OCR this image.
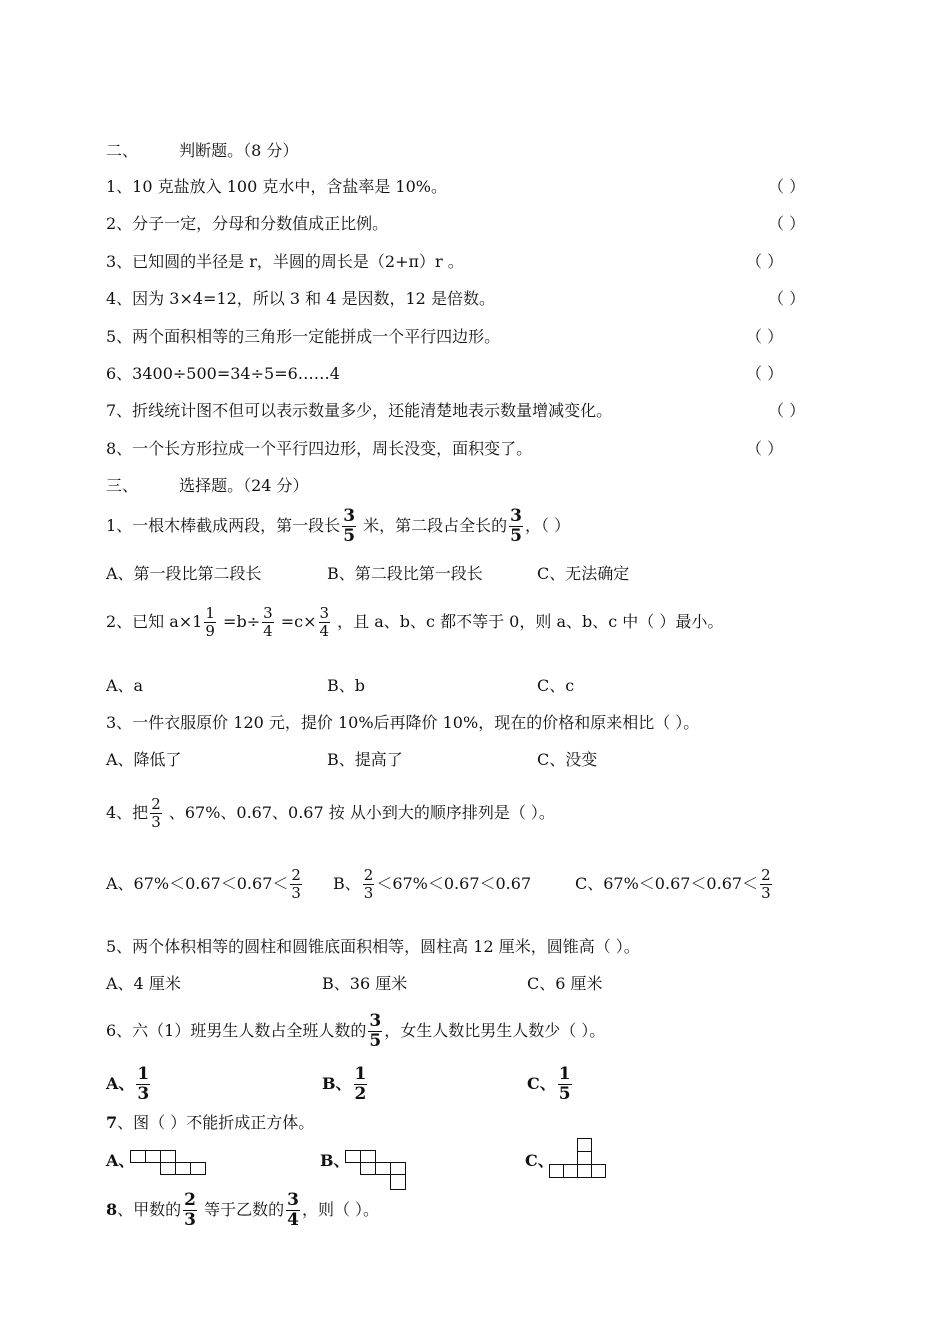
二、	判断题。（8 分）
1、10 克盐放入 100 克水中，含盐率是 10%。	（ ）
2、分子一定，分母和分数值成正比例。	（ ）
3、已知圆的半径是 r，半圆的周长是（2+π）r 。	（ ）
4、因为 3×4=12，所以 3 和 4 是因数，12 是倍数。	（ ）
5、两个面积相等的三角形一定能拼成一个平行四边形。	（ ）
6、3400÷500=34÷5=6……4	（ ）
7、折线统计图不但可以表示数量多少，还能清楚地表示数量增减变化。	（ ）
8、一个长方形拉成一个平行四边形，周长没变，面积变了。	（ ）
三、	选择题。（24 分）
1、一根木棒截成两段，第一段长 $\frac{3}{5}$ 米，第二段占全长的 $\frac{3}{5}$ ，（ ）
A、第一段比第二段长	B、第二段比第一段长	C、无法确定
2、已知 $a\times 1 \frac{1}{9} =b\div \frac{3}{4} =c\times \frac{3}{4}$ ，且 a、b、c 都不等于 0，则 a、b、c 中（ ）最小。
A、a	B、b	C、c
3、一件衣服原价 120 元，提价 10%后再降价 10%，现在的价格和原来相比（ ）。
A、降低了	B、提高了	C、没变
4、把 $\frac{2}{3}$ 、67%、0.67、0.67 按 从小到大的顺序排列是（ ）。
A、$67\%<0.67<0.67< \frac{2}{3}$ B、 $\frac{2}{3} <67\%<0.67<0.67$	C、$67\%<0.67<0.67< \frac{2}{3}$
5、两个体积相等的圆柱和圆锥底面积相等，圆柱高 12 厘米，圆锥高（ ）。
A、4 厘米	B、36 厘米	C、6 厘米
6、六（1）班男生人数占全班人数的 $\frac{3}{5}$ ，女生人数比男生人数少（ ）。
A、 $\frac{1}{3}$	B、 $\frac{1}{2}$	C、 $\frac{1}{5}$
7、图（ ）不能折成正方体。
A、	B、	C、
8、甲数的 $\frac{2}{3}$ 等于乙数的 $\frac{3}{4}$ ，则（ ）。
